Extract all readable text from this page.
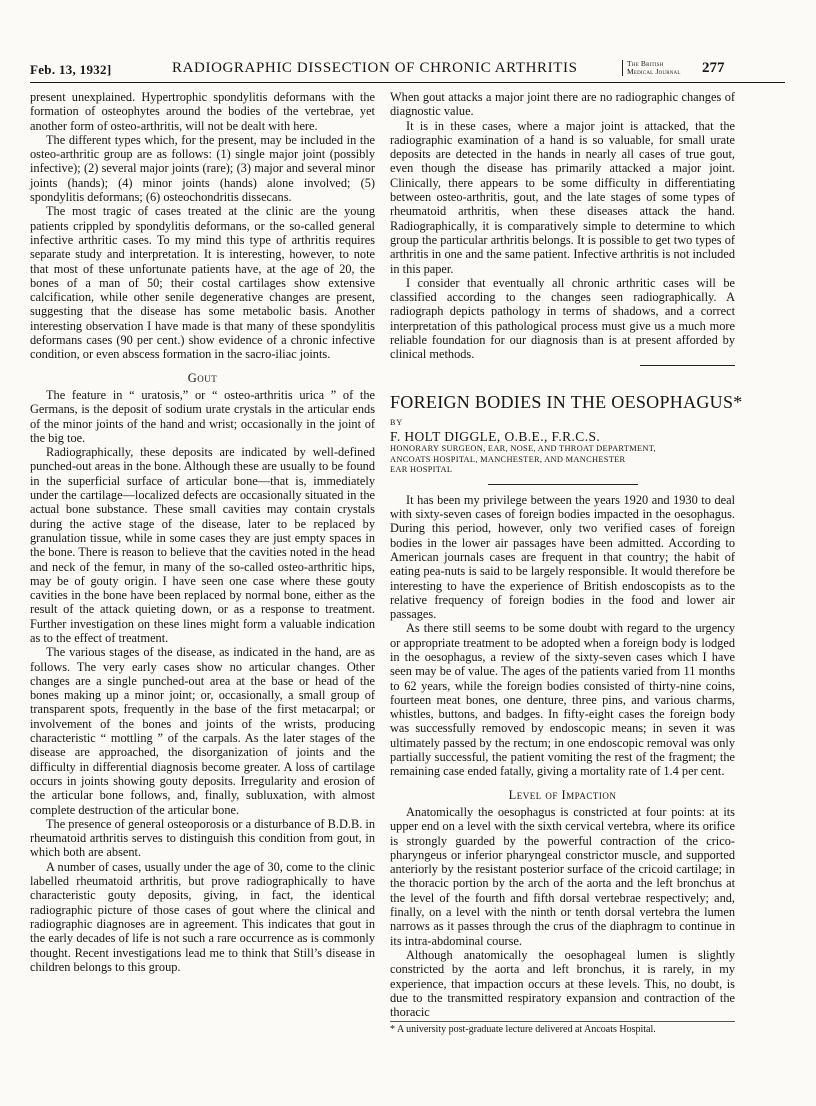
Feb. 13, 1932]	RADIOGRAPHIC DISSECTION OF CHRONIC ARTHRITIS	The British
Medical Journal	277

present unexplained. Hypertrophic spondylitis deformans with the formation of osteophytes around the bodies of the vertebrae, yet another form of osteo-arthritis, will not be dealt with here.

The different types which, for the present, may be included in the osteo-arthritic group are as follows: (1) single major joint (possibly infective); (2) several major joints (rare); (3) major and several minor joints (hands); (4) minor joints (hands) alone involved; (5) spondylitis deformans; (6) osteochondritis dissecans.

The most tragic of cases treated at the clinic are the young patients crippled by spondylitis deformans, or the so-called general infective arthritic cases. To my mind this type of arthritis requires separate study and interpretation. It is interesting, however, to note that most of these unfortunate patients have, at the age of 20, the bones of a man of 50; their costal cartilages show extensive calcification, while other senile degenerative changes are present, suggesting that the disease has some metabolic basis. Another interesting observation I have made is that many of these spondylitis deformans cases (90 per cent.) show evidence of a chronic infective condition, or even abscess formation in the sacro-iliac joints.

Gout

The feature in “ uratosis,” or “ osteo-arthritis urica ” of the Germans, is the deposit of sodium urate crystals in the articular ends of the minor joints of the hand and wrist; occasionally in the joint of the big toe.

Radiographically, these deposits are indicated by well-defined punched-out areas in the bone. Although these are usually to be found in the superficial surface of articular bone—that is, immediately under the cartilage—localized defects are occasionally situated in the actual bone substance. These small cavities may contain crystals during the active stage of the disease, later to be replaced by granulation tissue, while in some cases they are just empty spaces in the bone. There is reason to believe that the cavities noted in the head and neck of the femur, in many of the so-called osteo-arthritic hips, may be of gouty origin. I have seen one case where these gouty cavities in the bone have been replaced by normal bone, either as the result of the attack quieting down, or as a response to treatment. Further investigation on these lines might form a valuable indication as to the effect of treatment.

The various stages of the disease, as indicated in the hand, are as follows. The very early cases show no articular changes. Other changes are a single punched-out area at the base or head of the bones making up a minor joint; or, occasionally, a small group of transparent spots, frequently in the base of the first metacarpal; or involvement of the bones and joints of the wrists, producing characteristic “ mottling ” of the carpals. As the later stages of the disease are approached, the disorganization of joints and the difficulty in differential diagnosis become greater. A loss of cartilage occurs in joints showing gouty deposits. Irregularity and erosion of the articular bone follows, and, finally, subluxation, with almost complete destruction of the articular bone.

The presence of general osteoporosis or a disturbance of B.D.B. in rheumatoid arthritis serves to distinguish this condition from gout, in which both are absent.

A number of cases, usually under the age of 30, come to the clinic labelled rheumatoid arthritis, but prove radiographically to have characteristic gouty deposits, giving, in fact, the identical radiographic picture of those cases of gout where the clinical and radiographic diagnoses are in agreement. This indicates that gout in the early decades of life is not such a rare occurrence as is commonly thought. Recent investigations lead me to think that Still’s disease in children belongs to this group.

When gout attacks a major joint there are no radiographic changes of diagnostic value.

It is in these cases, where a major joint is attacked, that the radiographic examination of a hand is so valuable, for small urate deposits are detected in the hands in nearly all cases of true gout, even though the disease has primarily attacked a major joint. Clinically, there appears to be some difficulty in differentiating between osteo-arthritis, gout, and the late stages of some types of rheumatoid arthritis, when these diseases attack the hand. Radiographically, it is comparatively simple to determine to which group the particular arthritis belongs. It is possible to get two types of arthritis in one and the same patient. Infective arthritis is not included in this paper.

I consider that eventually all chronic arthritic cases will be classified according to the changes seen radiographically. A radiograph depicts pathology in terms of shadows, and a correct interpretation of this pathological process must give us a much more reliable foundation for our diagnosis than is at present afforded by clinical methods.

FOREIGN BODIES IN THE OESOPHAGUS*

BY

F. HOLT DIGGLE, O.B.E., F.R.C.S.

HONORARY SURGEON, EAR, NOSE, AND THROAT DEPARTMENT,

ANCOATS HOSPITAL, MANCHESTER, AND MANCHESTER

EAR HOSPITAL

It has been my privilege between the years 1920 and 1930 to deal with sixty-seven cases of foreign bodies impacted in the oesophagus. During this period, however, only two verified cases of foreign bodies in the lower air passages have been admitted. According to American journals cases are frequent in that country; the habit of eating pea-nuts is said to be largely responsible. It would therefore be interesting to have the experience of British endoscopists as to the relative frequency of foreign bodies in the food and lower air passages.

As there still seems to be some doubt with regard to the urgency or appropriate treatment to be adopted when a foreign body is lodged in the oesophagus, a review of the sixty-seven cases which I have seen may be of value. The ages of the patients varied from 11 months to 62 years, while the foreign bodies consisted of thirty-nine coins, fourteen meat bones, one denture, three pins, and various charms, whistles, buttons, and badges. In fifty-eight cases the foreign body was successfully removed by endoscopic means; in seven it was ultimately passed by the rectum; in one endoscopic removal was only partially successful, the patient vomiting the rest of the fragment; the remaining case ended fatally, giving a mortality rate of 1.4 per cent.

Level of Impaction

Anatomically the oesophagus is constricted at four points: at its upper end on a level with the sixth cervical vertebra, where its orifice is strongly guarded by the powerful contraction of the crico-pharyngeus or inferior pharyngeal constrictor muscle, and supported anteriorly by the resistant posterior surface of the cricoid cartilage; in the thoracic portion by the arch of the aorta and the left bronchus at the level of the fourth and fifth dorsal vertebrae respectively; and, finally, on a level with the ninth or tenth dorsal vertebra the lumen narrows as it passes through the crus of the diaphragm to continue in its intra-abdominal course.

Although anatomically the oesophageal lumen is slightly constricted by the aorta and left bronchus, it is rarely, in my experience, that impaction occurs at these levels. This, no doubt, is due to the transmitted respiratory expansion and contraction of the thoracic

* A university post-graduate lecture delivered at Ancoats Hospital.
